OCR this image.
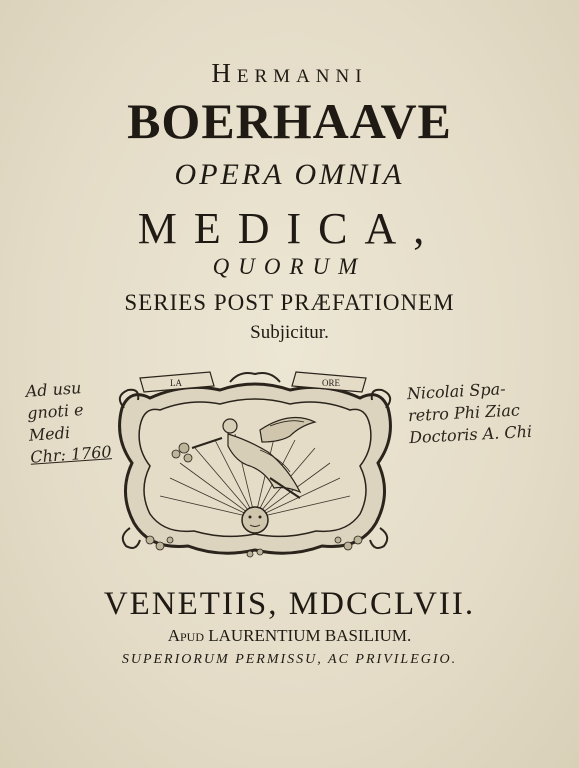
Hermanni
BOERHAAVE
OPERA OMNIA
MEDICA,
QUORUM
SERIES POST PRÆFATIONEM
Subjicitur.
Ad usu
gnoti e
Medi
Chr: 1760
Nicolai Spa-
retro Phi Ziac
Doctoris A. Chi
LA	ORE
VENETIIS, MDCCLVII.
Apud LAURENTIUM BASILIUM.
SUPERIORUM PERMISSU, AC PRIVILEGIO.
